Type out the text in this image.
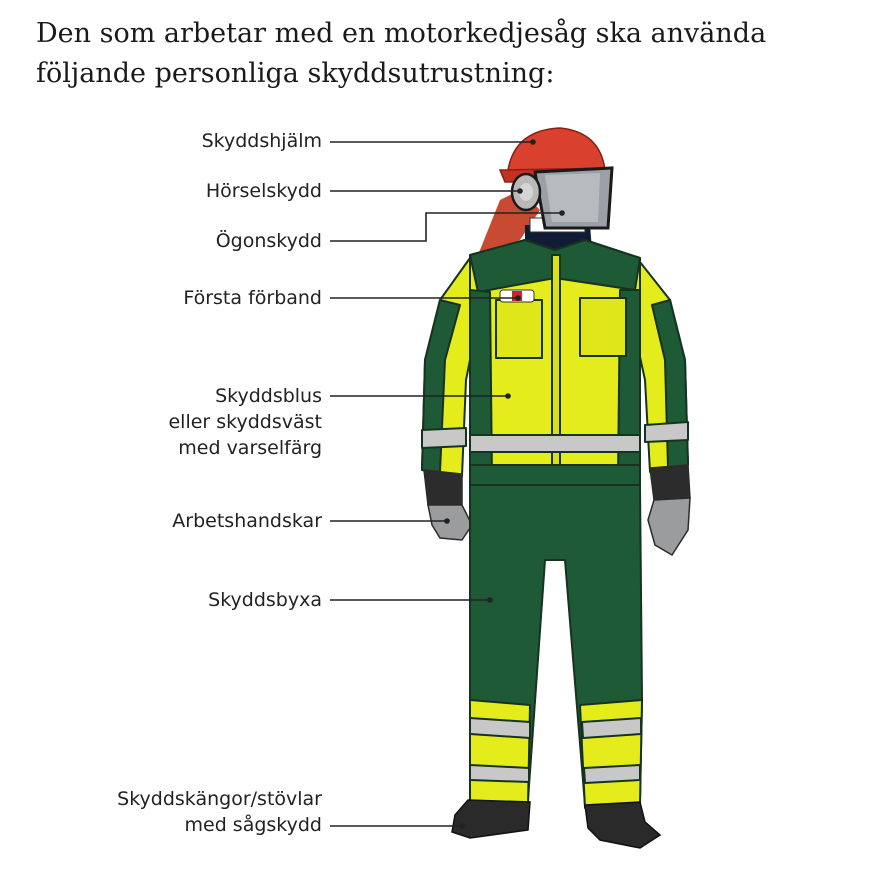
Den som arbetar med en motorkedjesåg ska använda
följande personliga skyddsutrustning:
Skyddshjälm
Hörselskydd
Ögonskydd
Första förband
Skyddsblus
eller skyddsväst
med varselfärg
Arbetshandskar
Skyddsbyxa
Skyddskängor/stövlar
med sågskydd
